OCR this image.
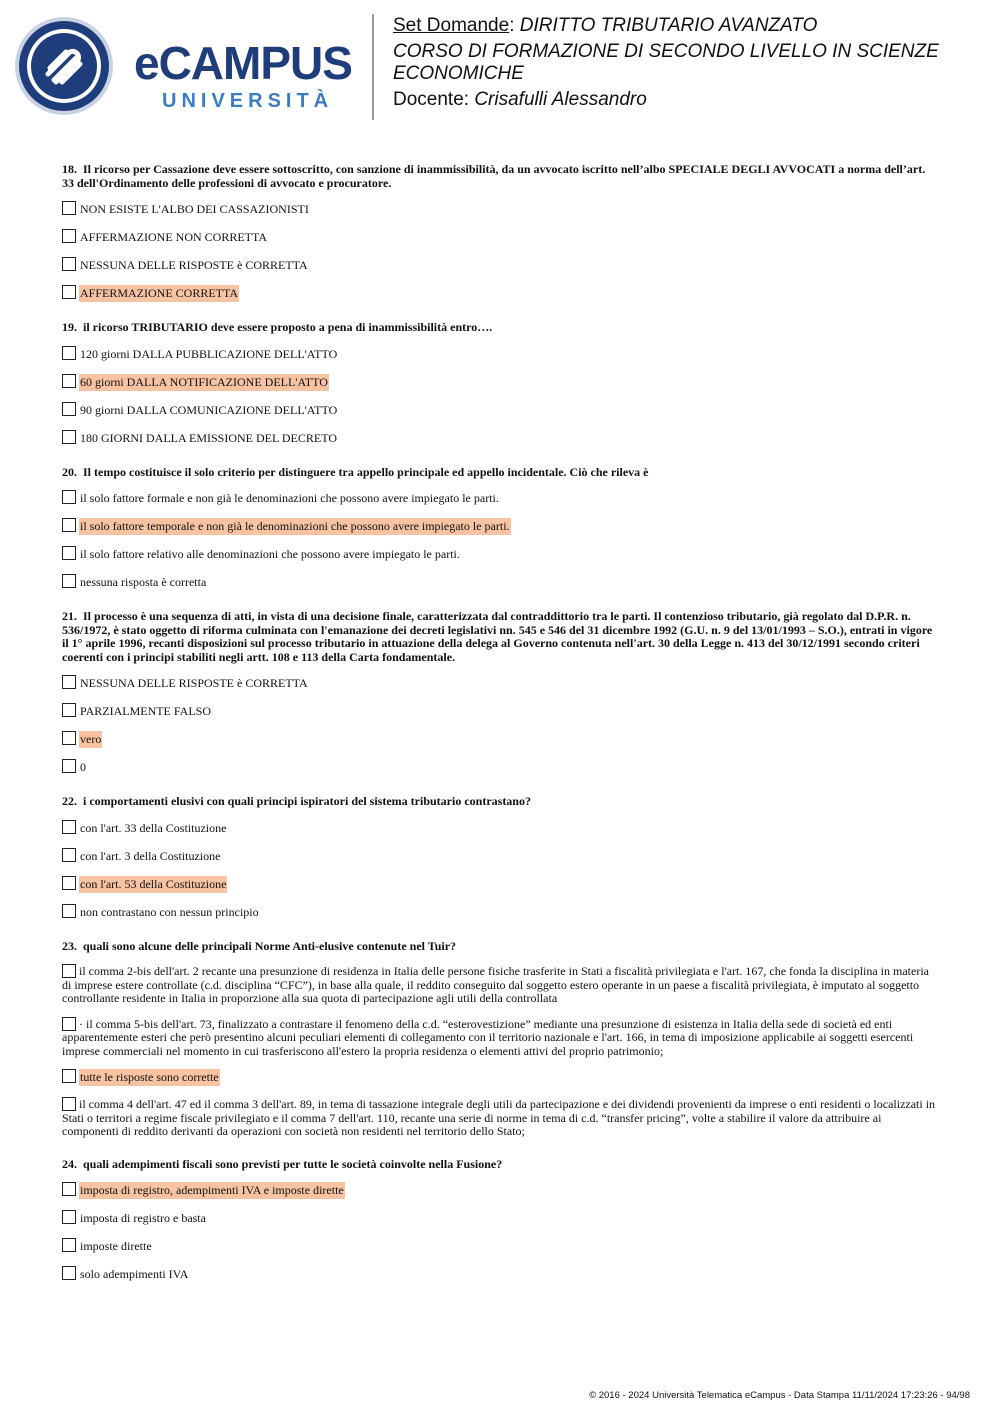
eCAMPUS
UNIVERSITÀ
Set Domande: DIRITTO TRIBUTARIO AVANZATO
CORSO DI FORMAZIONE DI SECONDO LIVELLO IN SCIENZE ECONOMICHE
Docente: Crisafulli Alessandro
18. Il ricorso per Cassazione deve essere sottoscritto, con sanzione di inammissibilità, da un avvocato iscritto nell’albo SPECIALE DEGLI AVVOCATI a norma dell’art. 33 dell'Ordinamento delle professioni di avvocato e procuratore.
NON ESISTE L'ALBO DEI CASSAZIONISTI
AFFERMAZIONE NON CORRETTA
NESSUNA DELLE RISPOSTE è CORRETTA
AFFERMAZIONE CORRETTA
19. il ricorso TRIBUTARIO deve essere proposto a pena di inammissibilità entro….
120 giorni DALLA PUBBLICAZIONE DELL'ATTO
60 giorni DALLA NOTIFICAZIONE DELL'ATTO
90 giorni DALLA COMUNICAZIONE DELL'ATTO
180 GIORNI DALLA EMISSIONE DEL DECRETO
20. Il tempo costituisce il solo criterio per distinguere tra appello principale ed appello incidentale. Ciò che rileva è
il solo fattore formale e non già le denominazioni che possono avere impiegato le parti.
il solo fattore temporale e non già le denominazioni che possono avere impiegato le parti.
il solo fattore relativo alle denominazioni che possono avere impiegato le parti.
nessuna risposta è corretta
21. Il processo è una sequenza di atti, in vista di una decisione finale, caratterizzata dal contraddittorio tra le parti. Il contenzioso tributario, già regolato dal D.P.R. n. 536/1972, è stato oggetto di riforma culminata con l'emanazione dei decreti legislativi nn. 545 e 546 del 31 dicembre 1992 (G.U. n. 9 del 13/01/1993 – S.O.), entrati in vigore il 1° aprile 1996, recanti disposizioni sul processo tributario in attuazione della delega al Governo contenuta nell'art. 30 della Legge n. 413 del 30/12/1991 secondo criteri coerenti con i principi stabiliti negli artt. 108 e 113 della Carta fondamentale.
NESSUNA DELLE RISPOSTE è CORRETTA
PARZIALMENTE FALSO
vero
0
22. i comportamenti elusivi con quali principi ispiratori del sistema tributario contrastano?
con l'art. 33 della Costituzione
con l'art. 3 della Costituzione
con l'art. 53 della Costituzione
non contrastano con nessun principio
23. quali sono alcune delle principali Norme Anti-elusive contenute nel Tuir?
il comma 2-bis dell'art. 2 recante una presunzione di residenza in Italia delle persone fisiche trasferite in Stati a fiscalità privilegiata e l'art. 167, che fonda la disciplina in materia di imprese estere controllate (c.d. disciplina “CFC”), in base alla quale, il reddito conseguito dal soggetto estero operante in un paese a fiscalità privilegiata, è imputato al soggetto controllante residente in Italia in proporzione alla sua quota di partecipazione agli utili della controllata
· il comma 5-bis dell'art. 73, finalizzato a contrastare il fenomeno della c.d. “esterovestizione” mediante una presunzione di esistenza in Italia della sede di società ed enti apparentemente esteri che però presentino alcuni peculiari elementi di collegamento con il territorio nazionale e l'art. 166, in tema di imposizione applicabile ai soggetti esercenti imprese commerciali nel momento in cui trasferiscono all'estero la propria residenza o elementi attivi del proprio patrimonio;
tutte le risposte sono corrette
il comma 4 dell'art. 47 ed il comma 3 dell'art. 89, in tema di tassazione integrale degli utili da partecipazione e dei dividendi provenienti da imprese o enti residenti o localizzati in Stati o territori a regime fiscale privilegiato e il comma 7 dell'art. 110, recante una serie di norme in tema di c.d. “transfer pricing”, volte a stabilire il valore da attribuire ai componenti di reddito derivanti da operazioni con società non residenti nel territorio dello Stato;
24. quali adempimenti fiscali sono previsti per tutte le società coinvolte nella Fusione?
imposta di registro, adempimenti IVA e imposte dirette
imposta di registro e basta
imposte dirette
solo adempimenti IVA
© 2016 - 2024 Università Telematica eCampus - Data Stampa 11/11/2024 17:23:26 - 94/98
